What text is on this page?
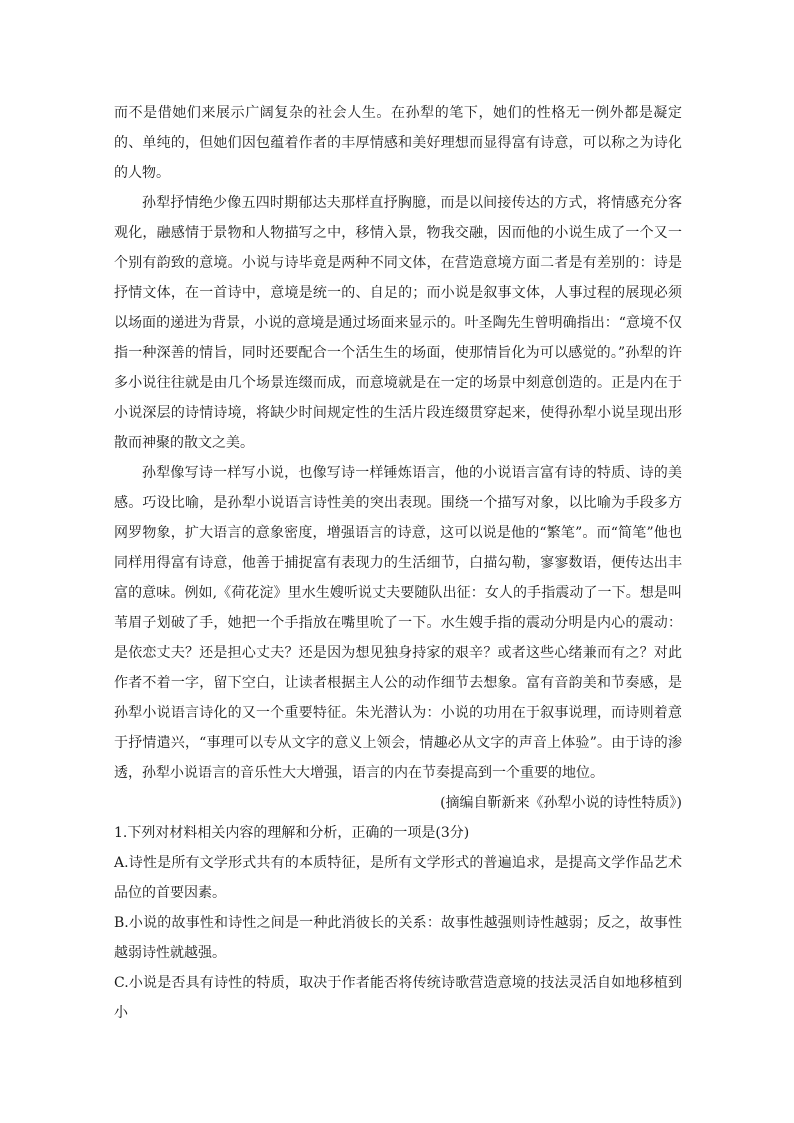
而不是借她们来展示广阔复杂的社会人生。在孙犁的笔下，她们的性格无一例外都是凝定的、单纯的，但她们因包蕴着作者的丰厚情感和美好理想而显得富有诗意，可以称之为诗化的人物。

孙犁抒情绝少像五四时期郁达夫那样直抒胸臆，而是以间接传达的方式，将情感充分客观化，融感情于景物和人物描写之中，移情入景，物我交融，因而他的小说生成了一个又一个别有韵致的意境。小说与诗毕竟是两种不同文体，在营造意境方面二者是有差别的：诗是抒情文体，在一首诗中，意境是统一的、自足的；而小说是叙事文体，人事过程的展现必须以场面的递进为背景，小说的意境是通过场面来显示的。叶圣陶先生曾明确指出：“意境不仅指一种深善的情旨，同时还要配合一个活生生的场面，使那情旨化为可以感觉的。”孙犁的许多小说往往就是由几个场景连缀而成，而意境就是在一定的场景中刻意创造的。正是内在于小说深层的诗情诗境，将缺少时间规定性的生活片段连缀贯穿起来，使得孙犁小说呈现出形散而神聚的散文之美。

孙犁像写诗一样写小说，也像写诗一样锤炼语言，他的小说语言富有诗的特质、诗的美感。巧设比喻，是孙犁小说语言诗性美的突出表现。围绕一个描写对象，以比喻为手段多方网罗物象，扩大语言的意象密度，增强语言的诗意，这可以说是他的“繁笔”。而“简笔”他也同样用得富有诗意，他善于捕捉富有表现力的生活细节，白描勾勒，寥寥数语，便传达出丰富的意味。例如,《荷花淀》里水生嫂听说丈夫要随队出征：女人的手指震动了一下。想是叫苇眉子划破了手，她把一个手指放在嘴里吮了一下。水生嫂手指的震动分明是内心的震动：是依恋丈夫？还是担心丈夫？还是因为想见独身持家的艰辛？或者这些心绪兼而有之？对此作者不着一字，留下空白，让读者根据主人公的动作细节去想象。富有音韵美和节奏感，是孙犁小说语言诗化的又一个重要特征。朱光潜认为：小说的功用在于叙事说理，而诗则着意于抒情遣兴，“事理可以专从文字的意义上领会，情趣必从文字的声音上体验”。由于诗的渗透，孙犁小说语言的音乐性大大增强，语言的内在节奏提高到一个重要的地位。

(摘编自靳新来《孙犁小说的诗性特质》)

1.下列对材料相关内容的理解和分析，正确的一项是(3分)

A.诗性是所有文学形式共有的本质特征，是所有文学形式的普遍追求，是提高文学作品艺术品位的首要因素。

B.小说的故事性和诗性之间是一种此消彼长的关系：故事性越强则诗性越弱；反之，故事性越弱诗性就越强。

C.小说是否具有诗性的特质，取决于作者能否将传统诗歌营造意境的技法灵活自如地移植到小
